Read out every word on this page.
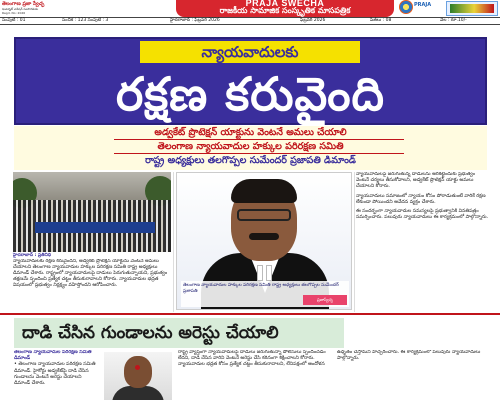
తెలంగాణ ప్రజా స్వేచ్ఛ
ఇంటర్నెట్ ఎడిషన్ సంపాదకుడు
Regd. No: 2026
PRAJA SWECHA
రాజకీయ సామాజిక సంస్కృతిక మాసపత్రిక
PRAJA
సంపుటి : 01	సంచిక : 123 సంపుటి : 3	హైదరాబాద్ : ఫిబ్రవరి 2026	ఫిబ్రవరి 2026	పేజీలు : 08	వెల : రూ.10/-
న్యాయవాదులకు
రక్షణ కరువైంది
అడ్వకేట్ ప్రొటెక్షన్ యాక్టును వెంటనే అమలు చేయాలి
తెలంగాణ న్యాయవాదుల హక్కుల పరిరక్షణ సమితి
రాష్ట్ర అధ్యక్షులు తలగొప్పల సుమేందర్ ప్రజాపతి డిమాండ్
హైదరాబాద్ : ప్రతినిధి
న్యాయవాదులకు రక్షణ కరువైందని, అడ్వకేట్ ప్రొటెక్షన్ యాక్టును వెంటనే అమలు చేయాలని తెలంగాణ న్యాయవాదుల హక్కుల పరిరక్షణ సమితి రాష్ట్ర అధ్యక్షులు డిమాండ్ చేశారు. రాష్ట్రంలో న్యాయవాదులపై దాడులు పెరుగుతున్నాయని, ప్రభుత్వం తక్షణమే స్పందించి ప్రత్యేక చట్టం తీసుకురావాలని కోరారు. న్యాయవాదుల భద్రత విషయంలో ప్రభుత్వం నిర్లక్ష్యం వహిస్తోందని ఆరోపించారు.	తెలంగాణ న్యాయవాదుల హక్కుల పరిరక్షణ సమితి రాష్ట్ర అధ్యక్షులు తలగొప్పల సుమేందర్ ప్రజాపతి
ప్రజాస్వేచ్ఛ

న్యాయవాదులపై జరుగుతున్న దాడులను అరికట్టేందుకు ప్రభుత్వం వెంటనే చర్యలు తీసుకోవాలని, అడ్వకేట్ ప్రొటెక్షన్ యాక్టు అమలు చేయాలని కోరారు.

న్యాయవాదులు సమాజంలో న్యాయం కోసం పోరాడుతుంటే వారికే రక్షణ లేకుండా పోయిందని ఆవేదన వ్యక్తం చేశారు.

ఈ సందర్భంగా న్యాయవాదుల సమస్యలపై ప్రభుత్వానికి వినతిపత్రం సమర్పించారు. పలువురు న్యాయవాదులు ఈ కార్యక్రమంలో పాల్గొన్నారు.

దాడి చేసిన గుండాలను అరెస్టు చేయాలి
తెలంగాణ న్యాయవాదుల పరిరక్షణ సమితి డిమాండ్
• తెలంగాణ న్యాయవాదుల పరిరక్షణ సమితి డిమాండ్. హైకోర్టు అడ్వకేట్‌పై దాడి చేసిన గుండాలను వెంటనే అరెస్టు చేయాలని డిమాండ్ చేశారు.
రాష్ట్ర వ్యాప్తంగా న్యాయవాదులపై దాడులు జరుగుతున్నా పోలీసులు స్పందించడం లేదని, దాడి చేసిన వారిని వెంటనే అరెస్టు చేసి కఠినంగా శిక్షించాలని కోరారు. న్యాయవాదుల భద్రత కోసం ప్రత్యేక చట్టం తీసుకురావాలని, లేనిపక్షంలో ఆందోళన ఉధృతం చేస్తామని హెచ్చరించారు. ఈ కార్యక్రమంలో పలువురు న్యాయవాదులు పాల్గొన్నారు.
